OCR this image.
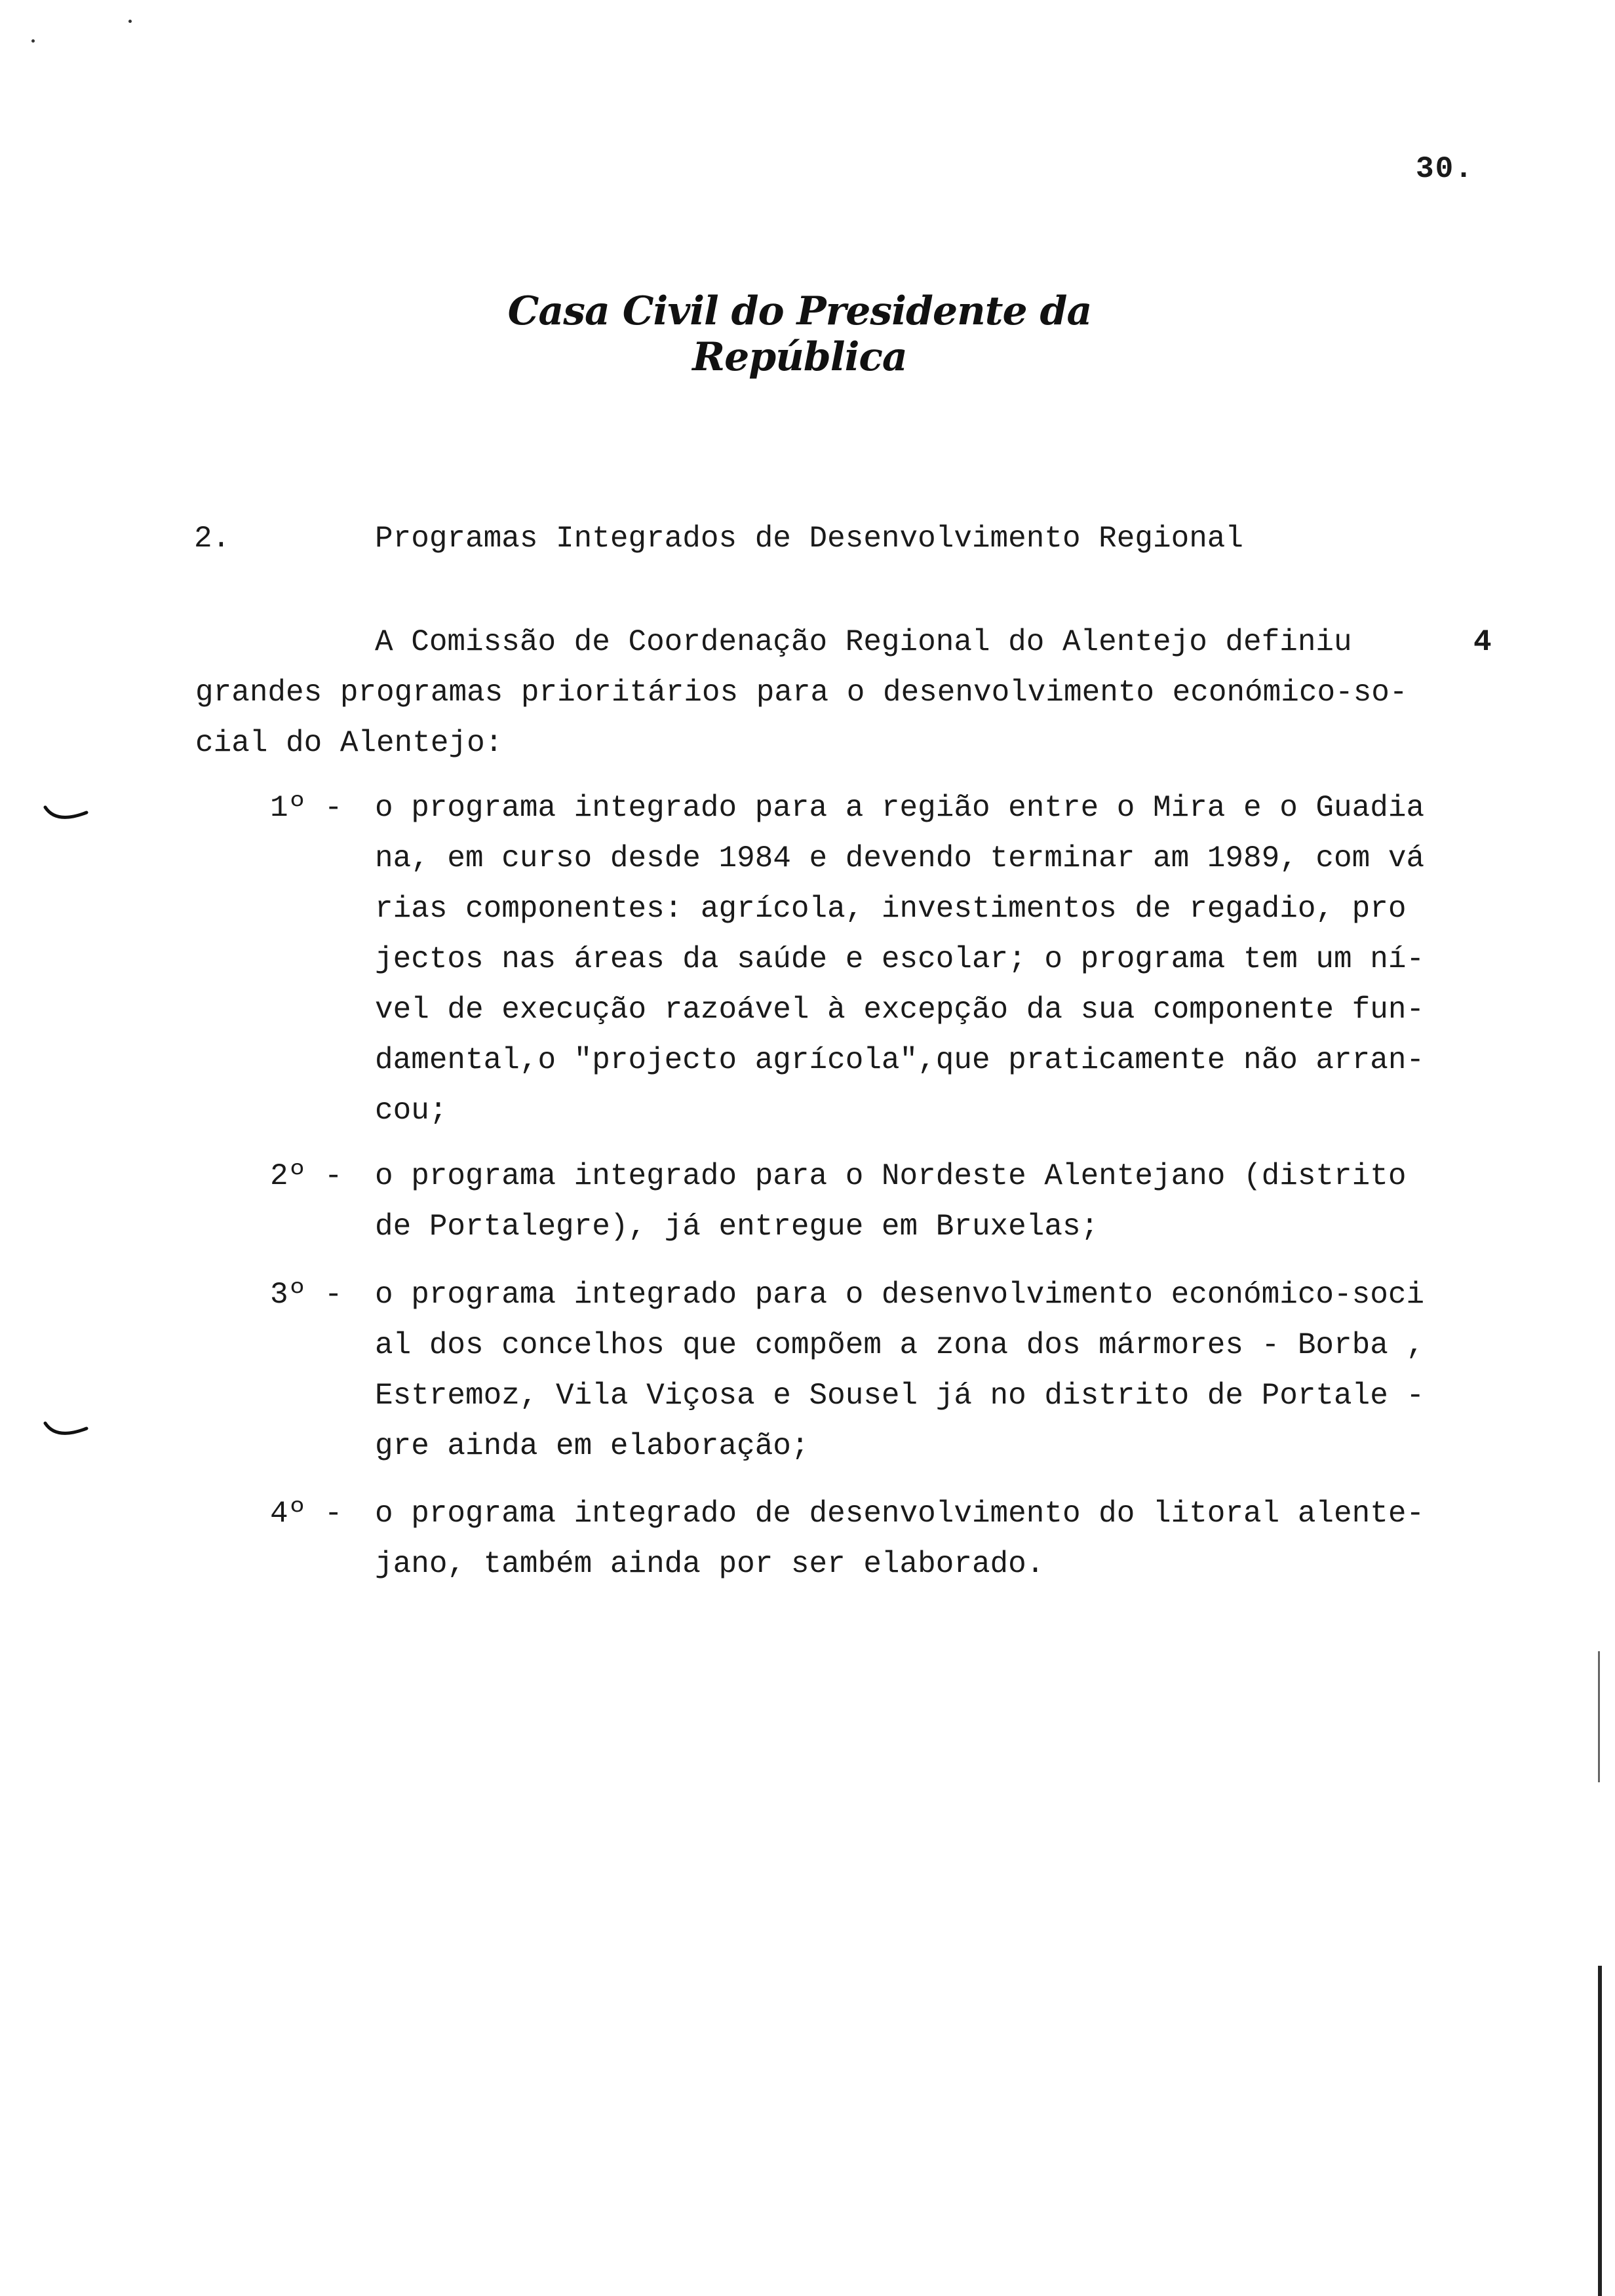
30.
Casa Civil do Presidente da República
2.	Programas Integrados de Desenvolvimento Regional
A Comissão de Coordenação Regional do Alentejo definiu
grandes programas prioritários para o desenvolvimento económico-so-
cial do Alentejo:
4
1º - o programa integrado para a região entre o Mira e o Guadia
na, em curso desde 1984 e devendo terminar am 1989, com vá
rias componentes: agrícola, investimentos de regadio, pro
jectos nas áreas da saúde e escolar; o programa tem um ní-
vel de execução razoável à excepção da sua componente fun-
damental,o "projecto agrícola",que praticamente não arran-
cou;
2º - o programa integrado para o Nordeste Alentejano (distrito
de Portalegre), já entregue em Bruxelas;
3º - o programa integrado para o desenvolvimento económico-soci
al dos concelhos que compõem a zona dos mármores - Borba ,
Estremoz, Vila Viçosa e Sousel já no distrito de Portale -
gre ainda em elaboração;
4º - o programa integrado de desenvolvimento do litoral alente-
jano, também ainda por ser elaborado.
